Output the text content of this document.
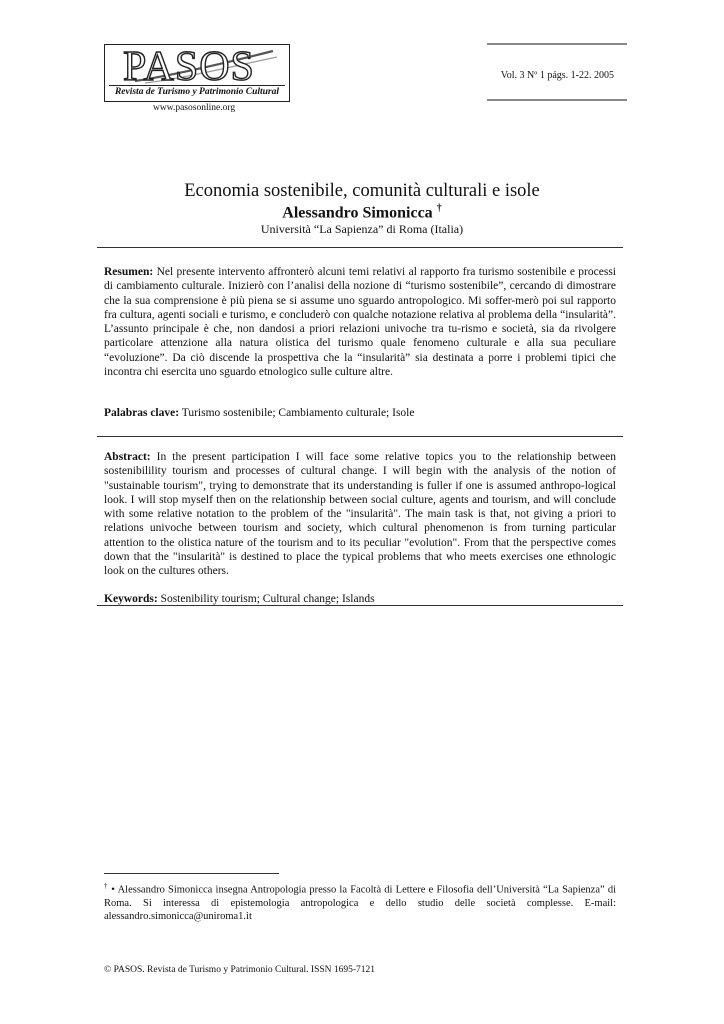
PASOS
Revista de Turismo y Patrimonio Cultural
www.pasosonline.org
Vol. 3 Nº 1 págs. 1-22. 2005
Economia sostenibile, comunità culturali e isole
Alessandro Simonicca †
Università “La Sapienza” di Roma (Italia)

Resumen: Nel presente intervento affronterò alcuni temi relativi al rapporto fra turismo sostenibile e processi di cambiamento culturale. Inizierò con l’analisi della nozione di “turismo sostenibile”, cercando di dimostrare che la sua comprensione è più piena se si assume uno sguardo antropologico. Mi soffer-merò poi sul rapporto fra cultura, agenti sociali e turismo, e concluderò con qualche notazione relativa al problema della “insularità”. L’assunto principale è che, non dandosi a priori relazioni univoche tra tu-rismo e società, sia da rivolgere particolare attenzione alla natura olistica del turismo quale fenomeno culturale e alla sua peculiare “evoluzione”. Da ciò discende la prospettiva che la “insularità” sia destinata a porre i problemi tipici che incontra chi esercita uno sguardo etnologico sulle culture altre.

Palabras clave: Turismo sostenibile; Cambiamento culturale; Isole

Abstract: In the present participation I will face some relative topics you to the relationship between sostenibilility tourism and processes of cultural change. I will begin with the analysis of the notion of "sustainable tourism", trying to demonstrate that its understanding is fuller if one is assumed anthropo-logical look. I will stop myself then on the relationship between social culture, agents and tourism, and will conclude with some relative notation to the problem of the "insularità". The main task is that, not giving a priori to relations univoche between tourism and society, which cultural phenomenon is from turning particular attention to the olistica nature of the tourism and to its peculiar "evolution". From that the perspective comes down that the "insularità" is destined to place the typical problems that who meets exercises one ethnologic look on the cultures others.

Keywords: Sostenibility tourism; Cultural change; Islands

† • Alessandro Simonicca insegna Antropologia presso la Facoltà di Lettere e Filosofia dell’Università “La Sapienza” di Roma. Si interessa di epistemologia antropologica e dello studio delle società complesse. E-mail: alessandro.simonicca@uniroma1.it

© PASOS. Revista de Turismo y Patrimonio Cultural. ISSN 1695-7121
